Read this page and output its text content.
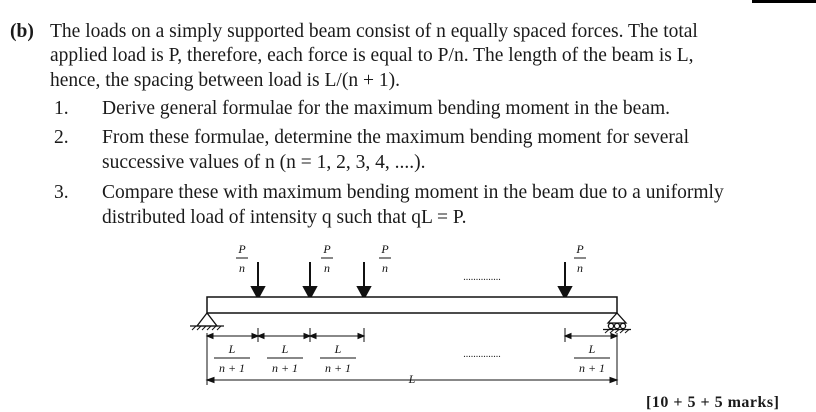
(b) The loads on a simply supported beam consist of n equally spaced forces. The total
applied load is P, therefore, each force is equal to P/n. The length of the beam is L,
hence, the spacing between load is L/(n + 1).
1. Derive general formulae for the maximum bending moment in the beam.
2. From these formulae, determine the maximum bending moment for several
successive values of n (n = 1, 2, 3, 4, ....).
3. Compare these with maximum bending moment in the beam due to a uniformly
distributed load of intensity q such that qL = P.
P
n
P
n
P
n
P
n
...............
L
n + 1
L
n + 1
L
n + 1
L
n + 1
L
...............
[10 + 5 + 5 marks]
